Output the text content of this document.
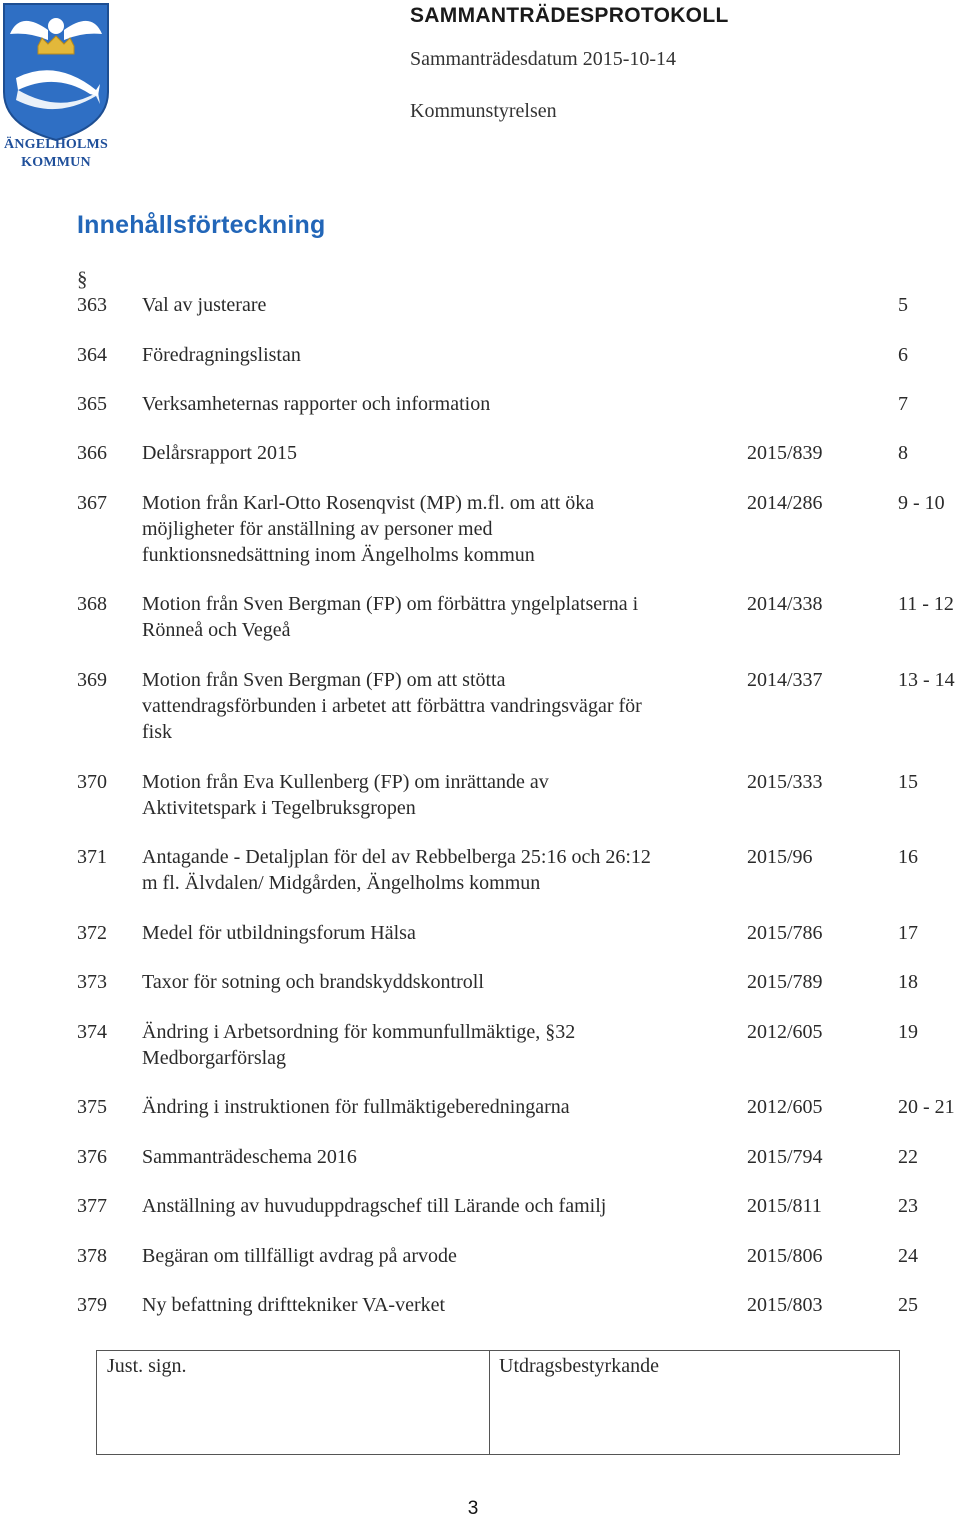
ÄNGELHOLMS
KOMMUN
SAMMANTRÄDESPROTOKOLL
Sammanträdesdatum 2015-10-14
Kommunstyrelsen
Innehållsförteckning
§
363 Val av justerare	5
364 Föredragningslistan	6
365 Verksamheternas rapporter och information	7
366 Delårsrapport 2015	2015/839	8
367 Motion från Karl-Otto Rosenqvist (MP) m.fl. om att öka
möjligheter för anställning av personer med
funktionsnedsättning inom Ängelholms kommun
2014/286	9 - 10
368 Motion från Sven Bergman (FP) om förbättra yngelplatserna i
Rönneå och Vegeå
2014/338	11 - 12
369 Motion från Sven Bergman (FP) om att stötta
vattendragsförbunden i arbetet att förbättra vandringsvägar för
fisk
2014/337	13 - 14
370 Motion från Eva Kullenberg (FP) om inrättande av
Aktivitetspark i Tegelbruksgropen
2015/333	15
371 Antagande - Detaljplan för del av Rebbelberga 25:16 och 26:12
m fl. Älvdalen/ Midgården, Ängelholms kommun
2015/96	16
372 Medel för utbildningsforum Hälsa	2015/786	17
373 Taxor för sotning och brandskyddskontroll	2015/789	18
374 Ändring i Arbetsordning för kommunfullmäktige, §32
Medborgarförslag
2012/605	19
375 Ändring i instruktionen för fullmäktigeberedningarna	2012/605	20 - 21
376 Sammanträdeschema 2016	2015/794	22
377 Anställning av huvuduppdragschef till Lärande och familj	2015/811	23
378 Begäran om tillfälligt avdrag på arvode	2015/806	24
379 Ny befattning drifttekniker VA-verket	2015/803	25
Just. sign.	Utdragsbestyrkande
3
